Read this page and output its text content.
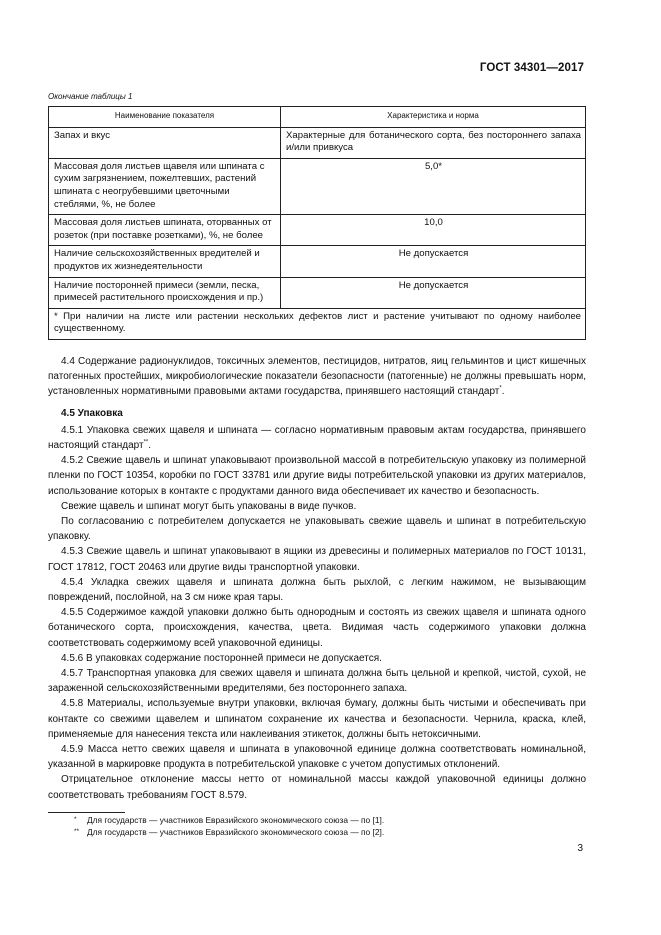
ГОСТ 34301—2017
Окончание таблицы 1
Наименование показателя	Характеристика и норма
Запах и вкус	Характерные для ботанического сорта, без постороннего запаха и/или привкуса
Массовая доля листьев щавеля или шпината с сухим загрязнением, пожелтевших, растений шпината с неогрубевшими цветочными стеблями, %, не более	5,0*
Массовая доля листьев шпината, оторванных от розеток (при поставке розетками), %, не более	10,0
Наличие сельскохозяйственных вредителей и продуктов их жизнедеятельности	Не допускается
Наличие посторонней примеси (земли, песка, примесей растительного происхождения и пр.)	Не допускается
* При наличии на листе или растении нескольких дефектов лист и растение учитывают по одному наиболее существенному.	

4.4 Содержание радионуклидов, токсичных элементов, пестицидов, нитратов, яиц гельминтов и цист кишечных патогенных простейших, микробиологические показатели безопасности (патогенные) не должны превышать норм, установленных нормативными правовыми актами государства, принявшего настоящий стандарт*.

4.5 Упаковка

4.5.1 Упаковка свежих щавеля и шпината — согласно нормативным правовым актам государства, принявшего настоящий стандарт**.

4.5.2 Свежие щавель и шпинат упаковывают произвольной массой в потребительскую упаковку из полимерной пленки по ГОСТ 10354, коробки по ГОСТ 33781 или другие виды потребительской упаковки из других материалов, использование которых в контакте с продуктами данного вида обеспечивает их качество и безопасность.

Свежие щавель и шпинат могут быть упакованы в виде пучков.

По согласованию с потребителем допускается не упаковывать свежие щавель и шпинат в потребительскую упаковку.

4.5.3 Свежие щавель и шпинат упаковывают в ящики из древесины и полимерных материалов по ГОСТ 10131, ГОСТ 17812, ГОСТ 20463 или другие виды транспортной упаковки.

4.5.4 Укладка свежих щавеля и шпината должна быть рыхлой, с легким нажимом, не вызывающим повреждений, послойной, на 3 см ниже края тары.

4.5.5 Содержимое каждой упаковки должно быть однородным и состоять из свежих щавеля и шпината одного ботанического сорта, происхождения, качества, цвета. Видимая часть содержимого упаковки должна соответствовать содержимому всей упаковочной единицы.

4.5.6 В упаковках содержание посторонней примеси не допускается.

4.5.7 Транспортная упаковка для свежих щавеля и шпината должна быть цельной и крепкой, чистой, сухой, не зараженной сельскохозяйственными вредителями, без постороннего запаха.

4.5.8 Материалы, используемые внутри упаковки, включая бумагу, должны быть чистыми и обеспечивать при контакте со свежими щавелем и шпинатом сохранение их качества и безопасности. Чернила, краска, клей, применяемые для нанесения текста или наклеивания этикеток, должны быть нетоксичными.

4.5.9 Масса нетто свежих щавеля и шпината в упаковочной единице должна соответствовать номинальной, указанной в маркировке продукта в потребительской упаковке с учетом допустимых отклонений.

Отрицательное отклонение массы нетто от номинальной массы каждой упаковочной единицы должно соответствовать требованиям ГОСТ 8.579.

*	Для государств — участников Евразийского экономического союза — по [1].
** Для государств — участников Евразийского экономического союза — по [2].
3
